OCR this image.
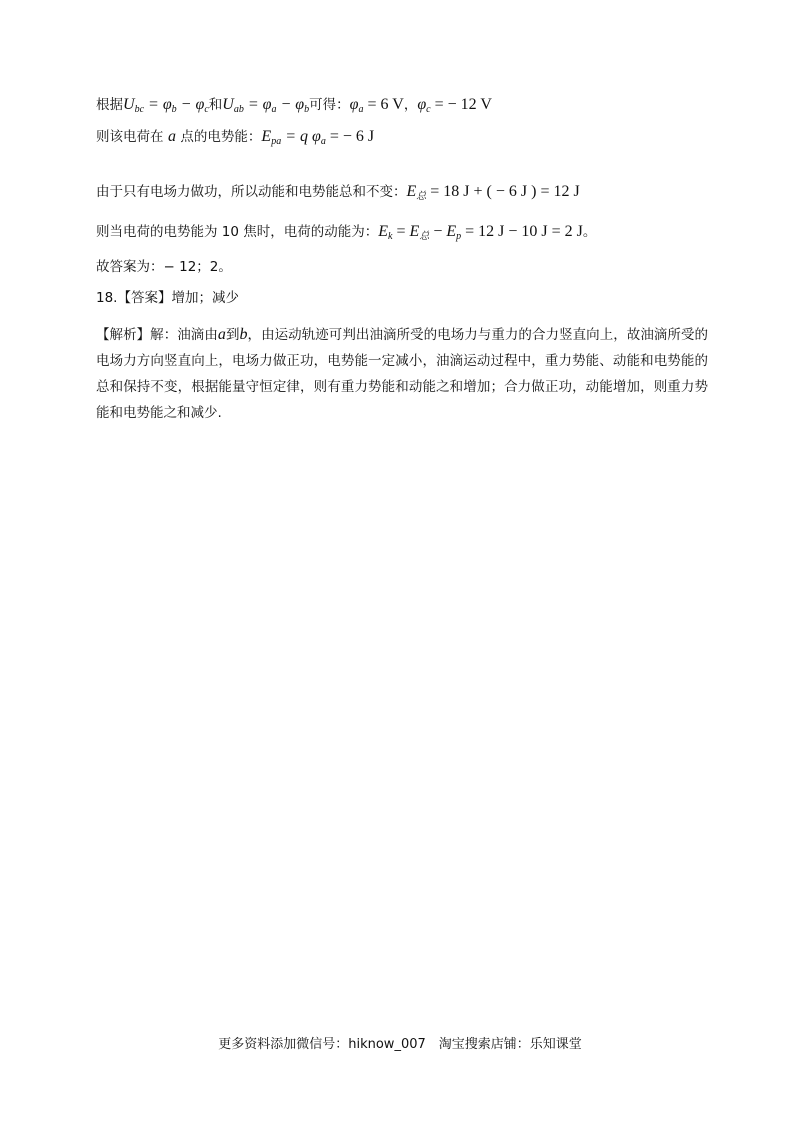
根据$U_{bc} = \varphi_b - \varphi_c$和$U_{ab} = \varphi_a - \varphi_b$可得：$\varphi_a = 6$ V，$\varphi_c$ = − 12 V
则该电荷在 a 点的电势能：$E_{pa} = q$ $\varphi_a$ = − 6 J
由于只有电场力做功，所以动能和电势能总和不变：$E_总 = 18$ J + ( − 6 J ) = 12 J
则当电荷的电势能为 10 焦时，电荷的动能为：$E_k = E_总 - E_p = 12$ J − 10 J = 2 J。
故答案为：− 12；2。
18.【答案】增加；减少
【解析】解：油滴由a到b，由运动轨迹可判出油滴所受的电场力与重力的合力竖直向上，故油滴所受的电场力方向竖直向上，电场力做正功，电势能一定减小，油滴运动过程中，重力势能、动能和电势能的总和保持不变，根据能量守恒定律，则有重力势能和动能之和增加；合力做正功，动能增加，则重力势能和电势能之和减少.
更多资料添加微信号：hiknow_007　淘宝搜索店铺：乐知课堂
